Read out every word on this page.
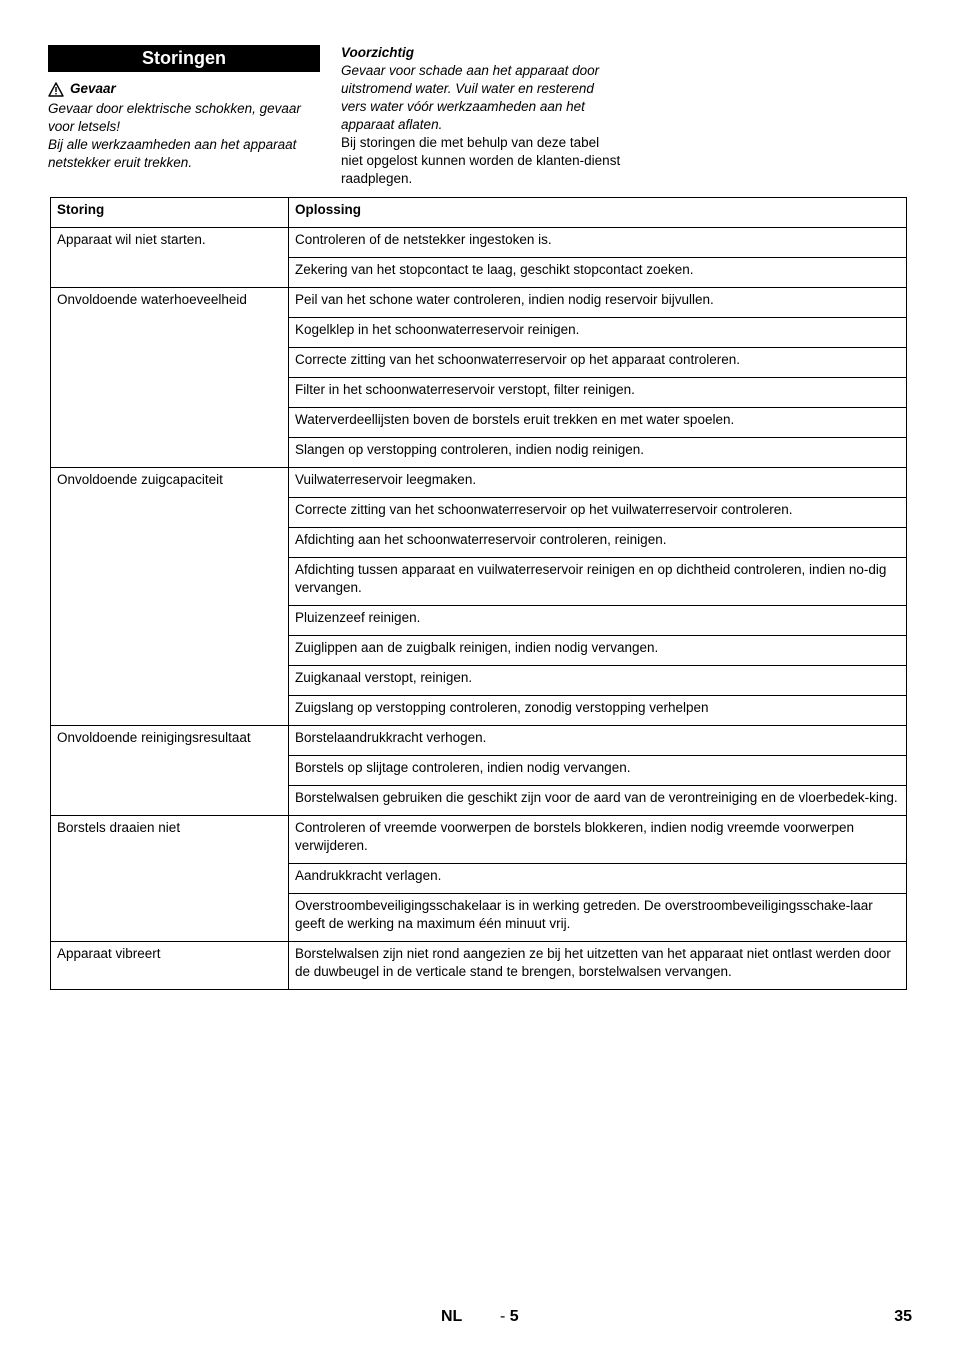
Storingen
Gevaar
Gevaar door elektrische schokken, gevaar voor letsels!
Bij alle werkzaamheden aan het apparaat netstekker eruit trekken.
Voorzichtig
Gevaar voor schade aan het apparaat door uitstromend water. Vuil water en resterend vers water vóór werkzaamheden aan het apparaat aflaten.
Bij storingen die met behulp van deze tabel niet opgelost kunnen worden de klanten-dienst raadplegen.
Storing	Oplossing
Apparaat wil niet starten.	Controleren of de netstekker ingestoken is.
	Zekering van het stopcontact te laag, geschikt stopcontact zoeken.
Onvoldoende waterhoeveelheid	Peil van het schone water controleren, indien nodig reservoir bijvullen.
	Kogelklep in het schoonwaterreservoir reinigen.
	Correcte zitting van het schoonwaterreservoir op het apparaat controleren.
	Filter in het schoonwaterreservoir verstopt, filter reinigen.
	Waterverdeellijsten boven de borstels eruit trekken en met water spoelen.
	Slangen op verstopping controleren, indien nodig reinigen.
Onvoldoende zuigcapaciteit	Vuilwaterreservoir leegmaken.
	Correcte zitting van het schoonwaterreservoir op het vuilwaterreservoir controleren.
	Afdichting aan het schoonwaterreservoir controleren, reinigen.
	Afdichting tussen apparaat en vuilwaterreservoir reinigen en op dichtheid controleren, indien no-dig vervangen.
	Pluizenzeef reinigen.
	Zuiglippen aan de zuigbalk reinigen, indien nodig vervangen.
	Zuigkanaal verstopt, reinigen.
	Zuigslang op verstopping controleren, zonodig verstopping verhelpen
Onvoldoende reinigingsresultaat	Borstelaandrukkracht verhogen.
	Borstels op slijtage controleren, indien nodig vervangen.
	Borstelwalsen gebruiken die geschikt zijn voor de aard van de verontreiniging en de vloerbedek-king.
Borstels draaien niet	Controleren of vreemde voorwerpen de borstels blokkeren, indien nodig vreemde voorwerpen verwijderen.
	Aandrukkracht verlagen.
	Overstroombeveiligingsschakelaar is in werking getreden. De overstroombeveiligingsschake-laar geeft de werking na maximum één minuut vrij.
Apparaat vibreert	Borstelwalsen zijn niet rond aangezien ze bij het uitzetten van het apparaat niet ontlast werden door de duwbeugel in de verticale stand te brengen, borstelwalsen vervangen.
NL - 5	35
